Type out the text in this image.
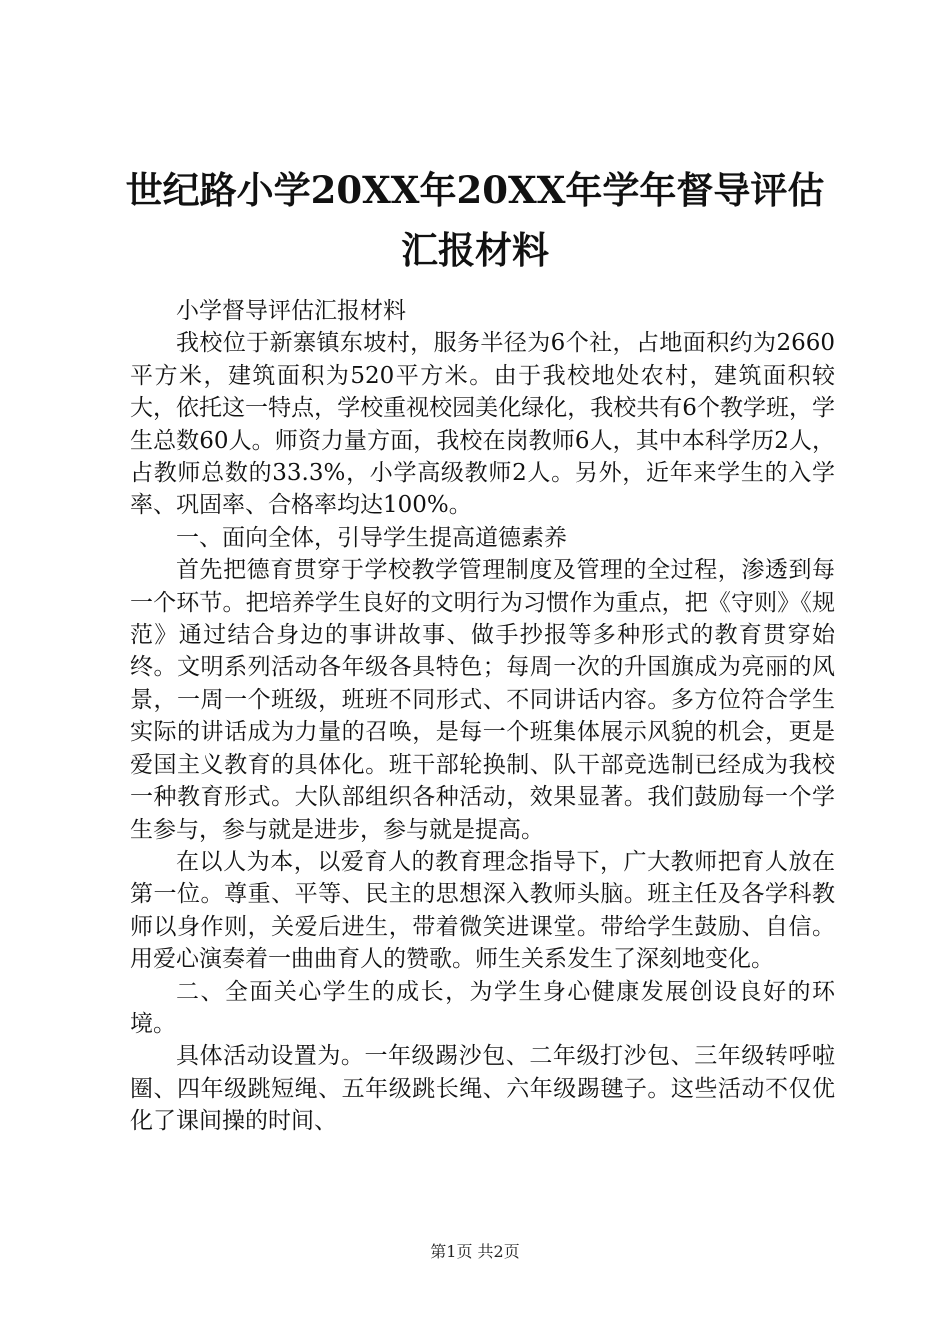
世纪路小学20XX年20XX年学年督导评估汇报材料

小学督导评估汇报材料

我校位于新寨镇东坡村，服务半径为6个社，占地面积约为2660平方米，建筑面积为520平方米。由于我校地处农村，建筑面积较大，依托这一特点，学校重视校园美化绿化，我校共有6个教学班，学生总数60人。师资力量方面，我校在岗教师6人，其中本科学历2人，占教师总数的33.3%，小学高级教师2人。另外，近年来学生的入学率、巩固率、合格率均达100%。

一、面向全体，引导学生提高道德素养

首先把德育贯穿于学校教学管理制度及管理的全过程，渗透到每一个环节。把培养学生良好的文明行为习惯作为重点，把《守则》《规范》通过结合身边的事讲故事、做手抄报等多种形式的教育贯穿始终。文明系列活动各年级各具特色；每周一次的升国旗成为亮丽的风景，一周一个班级，班班不同形式、不同讲话内容。多方位符合学生实际的讲话成为力量的召唤，是每一个班集体展示风貌的机会，更是爱国主义教育的具体化。班干部轮换制、队干部竞选制已经成为我校一种教育形式。大队部组织各种活动，效果显著。我们鼓励每一个学生参与，参与就是进步，参与就是提高。

在以人为本，以爱育人的教育理念指导下，广大教师把育人放在第一位。尊重、平等、民主的思想深入教师头脑。班主任及各学科教师以身作则，关爱后进生，带着微笑进课堂。带给学生鼓励、自信。用爱心演奏着一曲曲育人的赞歌。师生关系发生了深刻地变化。

二、全面关心学生的成长，为学生身心健康发展创设良好的环境。

具体活动设置为。一年级踢沙包、二年级打沙包、三年级转呼啦圈、四年级跳短绳、五年级跳长绳、六年级踢毽子。这些活动不仅优化了课间操的时间、

第1页 共2页
